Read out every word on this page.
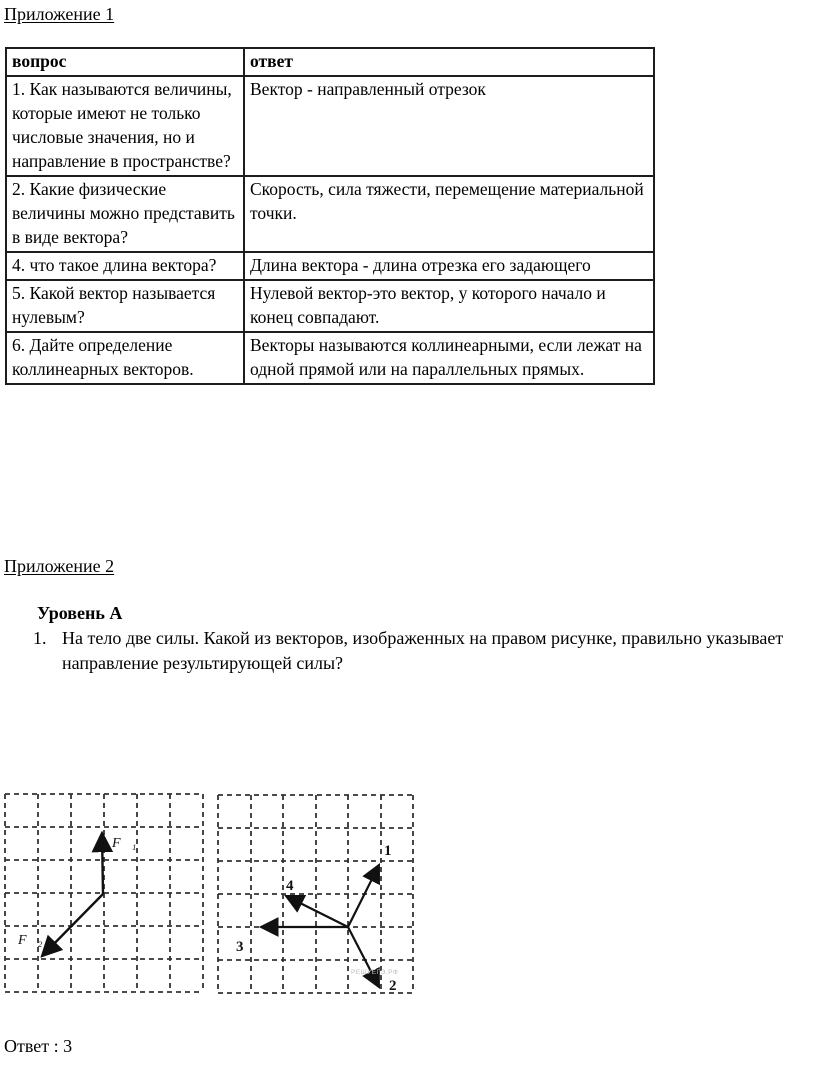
Приложение 1
вопрос	ответ
1. Как называются величины, которые имеют не только числовые значения, но и направление в пространстве?	Вектор - направленный отрезок
2. Какие физические величины можно представить в виде вектора?	Скорость, сила тяжести, перемещение материальной точки.
4. что такое длина вектора?	Длина вектора - длина отрезка его задающего
5. Какой вектор называется нулевым?	Нулевой вектор-это вектор, у которого начало и конец совпадают.
6. Дайте определение коллинеарных векторов.	Векторы называются коллинеарными, если лежат на одной прямой или на параллельных прямых.
Приложение 2
Уровень А
1. На тело две силы. Какой из векторов, изображенных на правом рисунке, правильно указывает направление результирующей силы?
F⃗₁
F⃗₂
1
2
3
4
РЕШУЕГЭ.РФ
Ответ : 3
